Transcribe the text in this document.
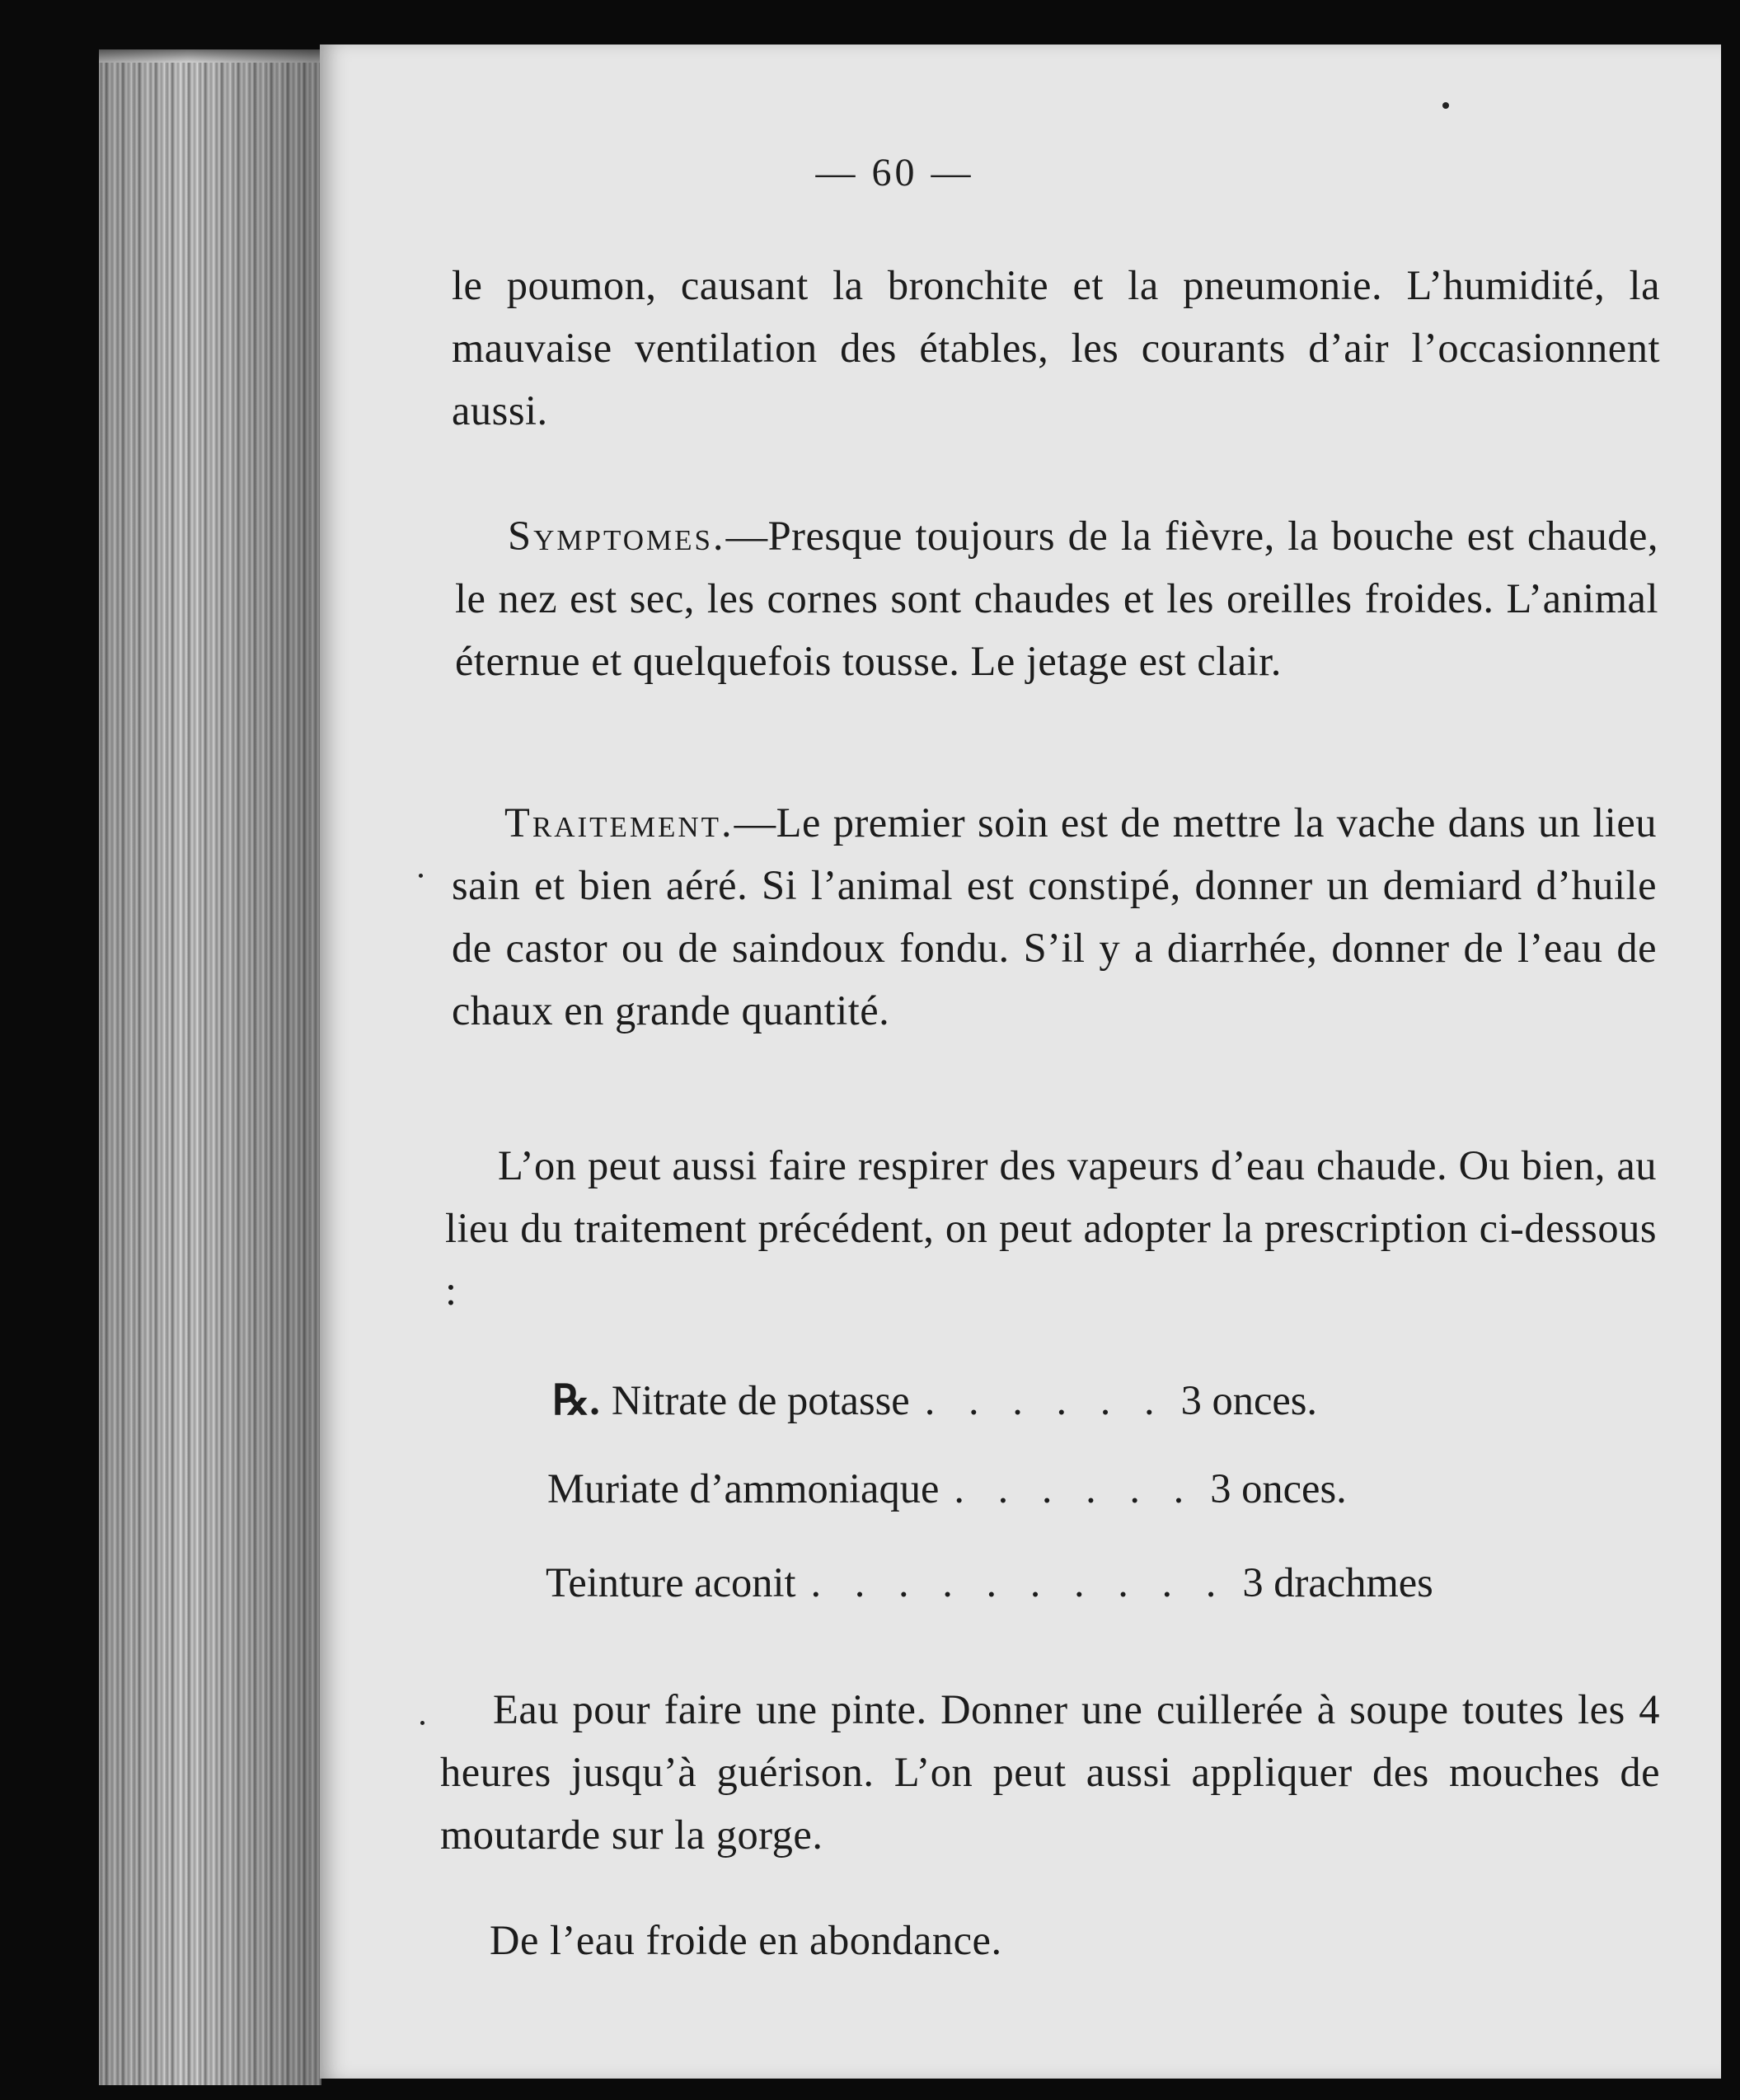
— 60 —

le poumon, causant la bronchite et la pneumonie. L’humidité, la mauvaise ventilation des étables, les courants d’air l’occasionnent aussi.

Symptomes.—Presque toujours de la fièvre, la bouche est chaude, le nez est sec, les cornes sont chaudes et les oreilles froides. L’animal éternue et quelquefois tousse. Le jetage est clair.

Traitement.—Le premier soin est de mettre la vache dans un lieu sain et bien aéré. Si l’animal est constipé, donner un demiard d’huile de castor ou de saindoux fondu. S’il y a diarrhée, donner de l’eau de chaux en grande quantité.

L’on peut aussi faire respirer des vapeurs d’eau chaude. Ou bien, au lieu du traitement précédent, on peut adopter la prescription ci-dessous :

℞. Nitrate de potasse . . . . . . 3 onces.
Muriate d’ammoniaque . . . . . . 3 onces.
Teinture aconit . . . . . . . . . . 3 drachmes

Eau pour faire une pinte. Donner une cuillerée à soupe toutes les 4 heures jusqu’à guérison. L’on peut aussi appliquer des mouches de moutarde sur la gorge.

De l’eau froide en abondance.
